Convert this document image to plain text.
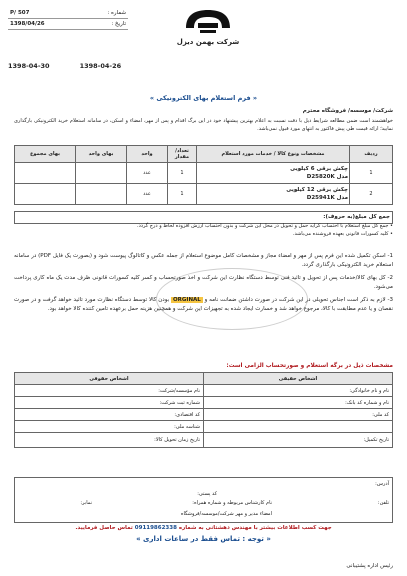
شماره :
P/ 507
تاریخ :
1398/04/26
شرکت بهمن دیزل
1398-04-30	1398-04-26
« فرم استعلام بهای الکترونیکی »
شرکت/ موسسه/ فروشگاه محترم
خواهشمند است ضمن مطالعه شرایط ذیل با دقت نسبت به اعلام بهترین پیشنهاد خود در این برگ اقدام و پس از مهر، امضاء و اسکن، در سامانه استعلام خرید الکترونیکی بارگذاری نمایید؛ ارائه قیمت طی پیش فاکتور به انتهای مورد قبول نمی‌باشد.
ردیف	مشخصات ونوع کالا / خدمات مورد استعلام	تعداد/ مقدار	واحد	بهای واحد	بهای مجموع
1	چکش برقی 6 کیلویی
مدل D25820K	1	عدد		
2	چکش برقی 12 کیلویی
مدل D25941K	1	عدد		
جمع کل مبلغ(به حروف):
• جمع کل مبلغ استعلام با احتساب کرایه حمل و تحویل در محل این شرکت و بدون احتساب ارزش افزوده لحاظ و درج گردد.
• کلیه کسورات قانونی بعهده فروشنده می‌باشد.

1- اسکن تکمیل شده این فرم پس از مهر و امضاء مجاز و مشخصات کامل موضوع استعلام از جمله عکس و کاتالوگ پیوست شود و (بصورت یک فایل PDF) در سامانه استعلام خرید الکترونیکی بارگذاری گردد.

2- کل بهای کالا/خدمات پس از تحویل و تائید فنی توسط دستگاه نظارت این شرکت و اخذ صورتحساب و کسر کلیه کسورات قانونی ظرف مدت یک ماه کاری پرداخت می‌شود.

3- لازم به ذکر است اجناس تحویلی در این شرکت در صورت داشتن ضمانت نامه و ORGINAL بودن کالا توسط دستگاه نظارت مورد تائید خواهد گرفت و در صورت نقصان و یا عدم مطابقت با کالا، مرجوع خواهد شد و خسارت ایجاد شده به تجهیزات این شرکت و همچنین هزینه حمل برعهده تامین کننده کالا خواهد بود.

مشخصات ذیل در برگه استعلام و صورتحساب الزامی است:
اشخاص حقیقی	اشخاص حقوقی
نام و نام خانوادگی:	نام مؤسسه/شرکت:
نام و شماره کد بانک:	شماره ثبت شرکت:
کد ملی:	کد اقتصادی:
	شناسه ملی:
تاریخ تکمیل:	تاریخ زمان تحویل کالا:
آدرس:
کد پستی:
تلفن:
نام کارشناس مربوطه و شماره همراه:
نمابر:
امضاء مدیر و مهر شرکت/موسسه/فروشگاه
جهت کسب اطلاعات بیشتر با مهندس دهشتانی به شماره 09119862338 تماس حاصل فرمایید.
« توجه : تماس فقط در ساعات اداری »
رئیس اداره پشتیبانی
